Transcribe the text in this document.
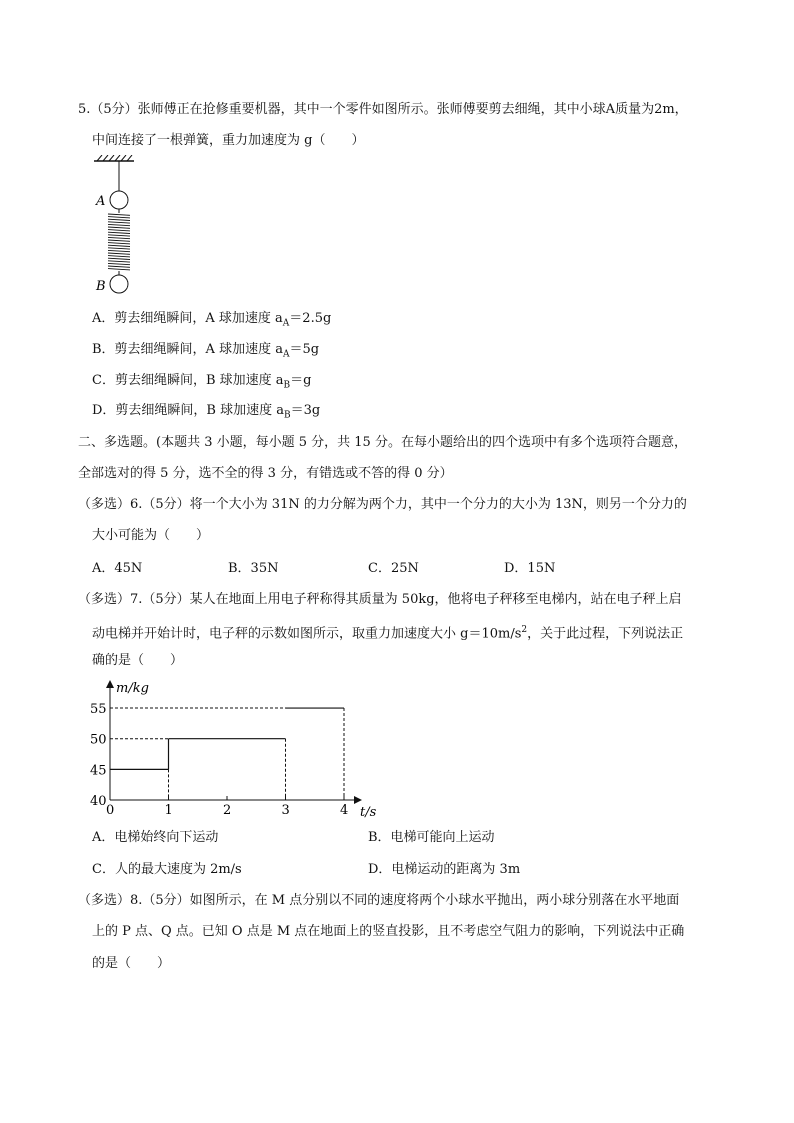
5.（5分）张师傅正在抢修重要机器，其中一个零件如图所示。张师傅要剪去细绳，其中小球A质量为2m，
中间连接了一根弹簧，重力加速度为 g（　　）
A
B
A．剪去细绳瞬间，A 球加速度 $a_A=2.5g$
B．剪去细绳瞬间，A 球加速度 $a_A=5g$
C．剪去细绳瞬间，B 球加速度 $a_B=g$
D．剪去细绳瞬间，B 球加速度 $a_B=3g$
二、多选题。(本题共 3 小题，每小题 5 分，共 15 分。在每小题给出的四个选项中有多个选项符合题意，
全部选对的得 5 分，选不全的得 3 分，有错选或不答的得 0 分）
（多选）6.（5分）将一个大小为 31N 的力分解为两个力，其中一个分力的大小为 13N，则另一个分力的
大小可能为（　　）
A．45N	B．35N	C．25N	D．15N
（多选）7.（5分）某人在地面上用电子秤称得其质量为 50kg，他将电子秤移至电梯内，站在电子秤上启
动电梯并开始计时，电子秤的示数如图所示，取重力加速度大小 $g=10m/s^2$，关于此过程，下列说法正
确的是（　　）
0	1	2	3	4
40
45
50
55
m/kg
t/s
A．电梯始终向下运动	B．电梯可能向上运动
C．人的最大速度为 2m/s	D．电梯运动的距离为 3m
（多选）8.（5分）如图所示，在 M 点分别以不同的速度将两个小球水平抛出，两小球分别落在水平地面
上的 P 点、Q 点。已知 O 点是 M 点在地面上的竖直投影，且不考虑空气阻力的影响，下列说法中正确
的是（　　）
